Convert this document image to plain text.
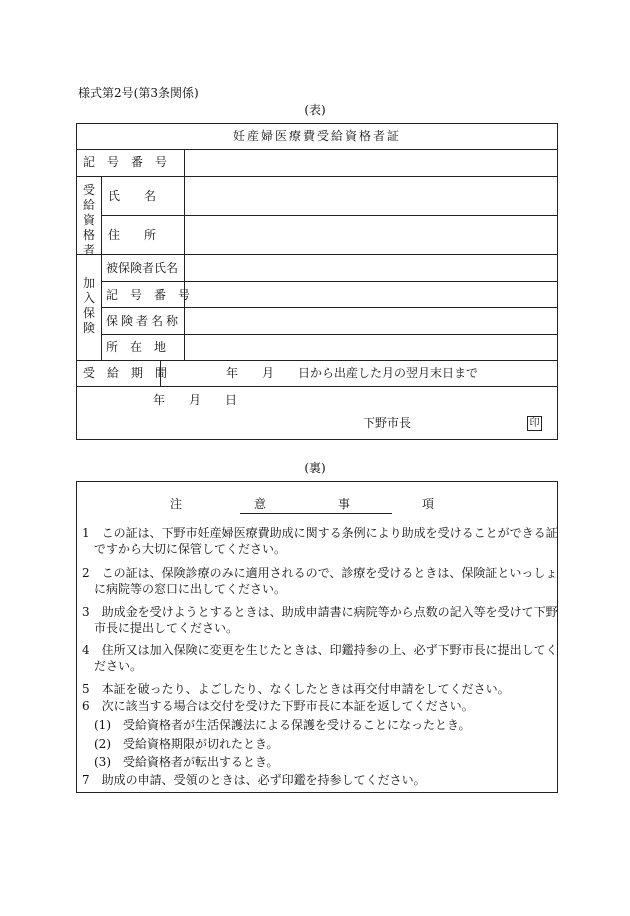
様式第2号(第3条関係)
(表)
妊産婦医療費受給資格者証
記　号　番　号
受給資格者
氏　　名
住　　所
加入保険
被保険者氏名
記　号　番　号
保険者名称
所　在　地
受　給　期　間	年　　月　　日から出産した月の翌月末日まで
年　　月　　日
下野市長	印
(裏)
注　意　事　項
1　この証は、下野市妊産婦医療費助成に関する条例により助成を受けることができる証
　ですから大切に保管してください。
2　この証は、保険診療のみに適用されるので、診療を受けるときは、保険証といっしょ
　に病院等の窓口に出してください。
3　助成金を受けようとするときは、助成申請書に病院等から点数の記入等を受けて下野
　市長に提出してください。
4　住所又は加入保険に変更を生じたときは、印鑑持参の上、必ず下野市長に提出してく
　ださい。
5　本証を破ったり、よごしたり、なくしたときは再交付申請をしてください。
6　次に該当する場合は交付を受けた下野市長に本証を返してください。
　(1)　受給資格者が生活保護法による保護を受けることになったとき。
　(2)　受給資格期限が切れたとき。
　(3)　受給資格者が転出するとき。
7　助成の申請、受領のときは、必ず印鑑を持参してください。
